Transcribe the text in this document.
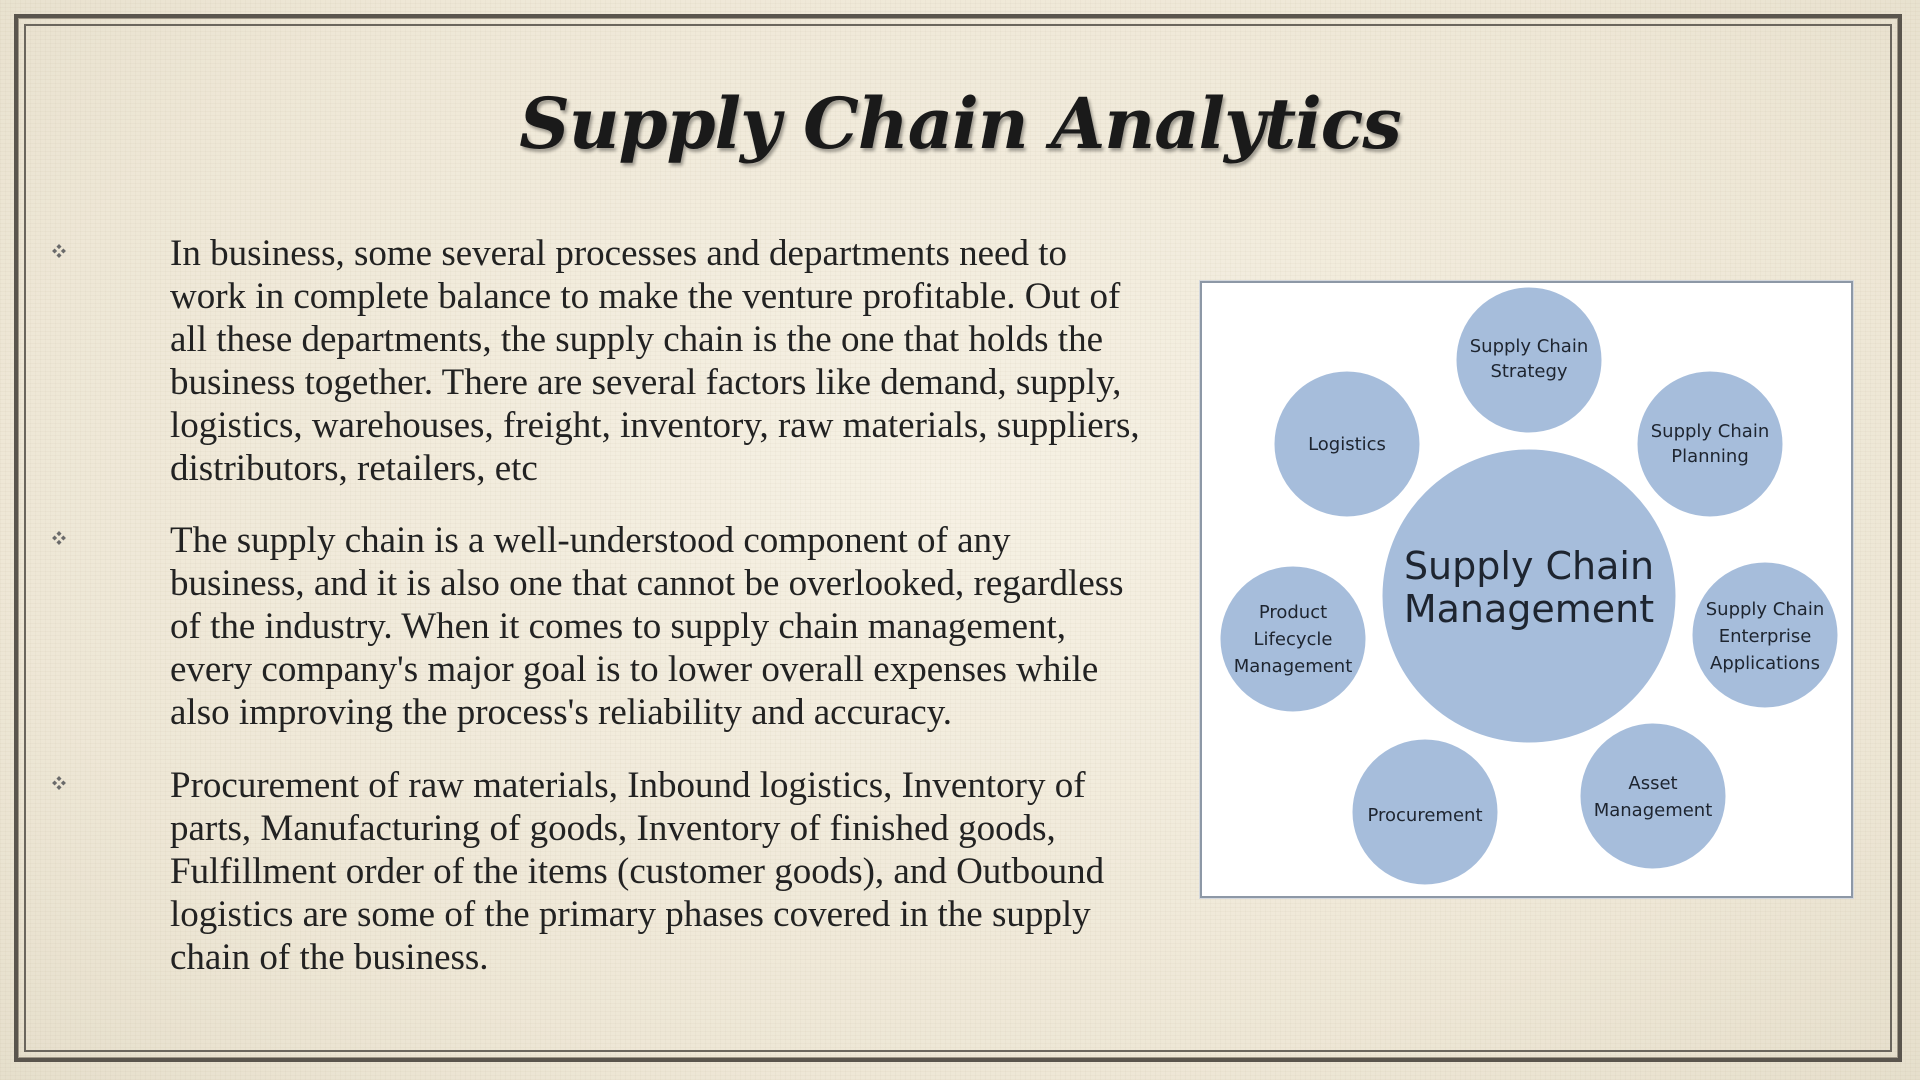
Supply Chain Analytics

In business, some several processes and departments need to
work in complete balance to make the venture profitable. Out of
all these departments, the supply chain is the one that holds the
business together. There are several factors like demand, supply,
logistics, warehouses, freight, inventory, raw materials, suppliers,
distributors, retailers, etc

The supply chain is a well-understood component of any
business, and it is also one that cannot be overlooked, regardless
of the industry. When it comes to supply chain management,
every company's major goal is to lower overall expenses while
also improving the process's reliability and accuracy.

Procurement of raw materials, Inbound logistics, Inventory of
parts, Manufacturing of goods, Inventory of finished goods,
Fulfillment order of the items (customer goods), and Outbound
logistics are some of the primary phases covered in the supply
chain of the business.

Supply Chain
Management
Supply Chain
Strategy
Supply Chain
Planning
Supply Chain
Enterprise
Applications
Asset
Management
Procurement
Product
Lifecycle
Management
Logistics
